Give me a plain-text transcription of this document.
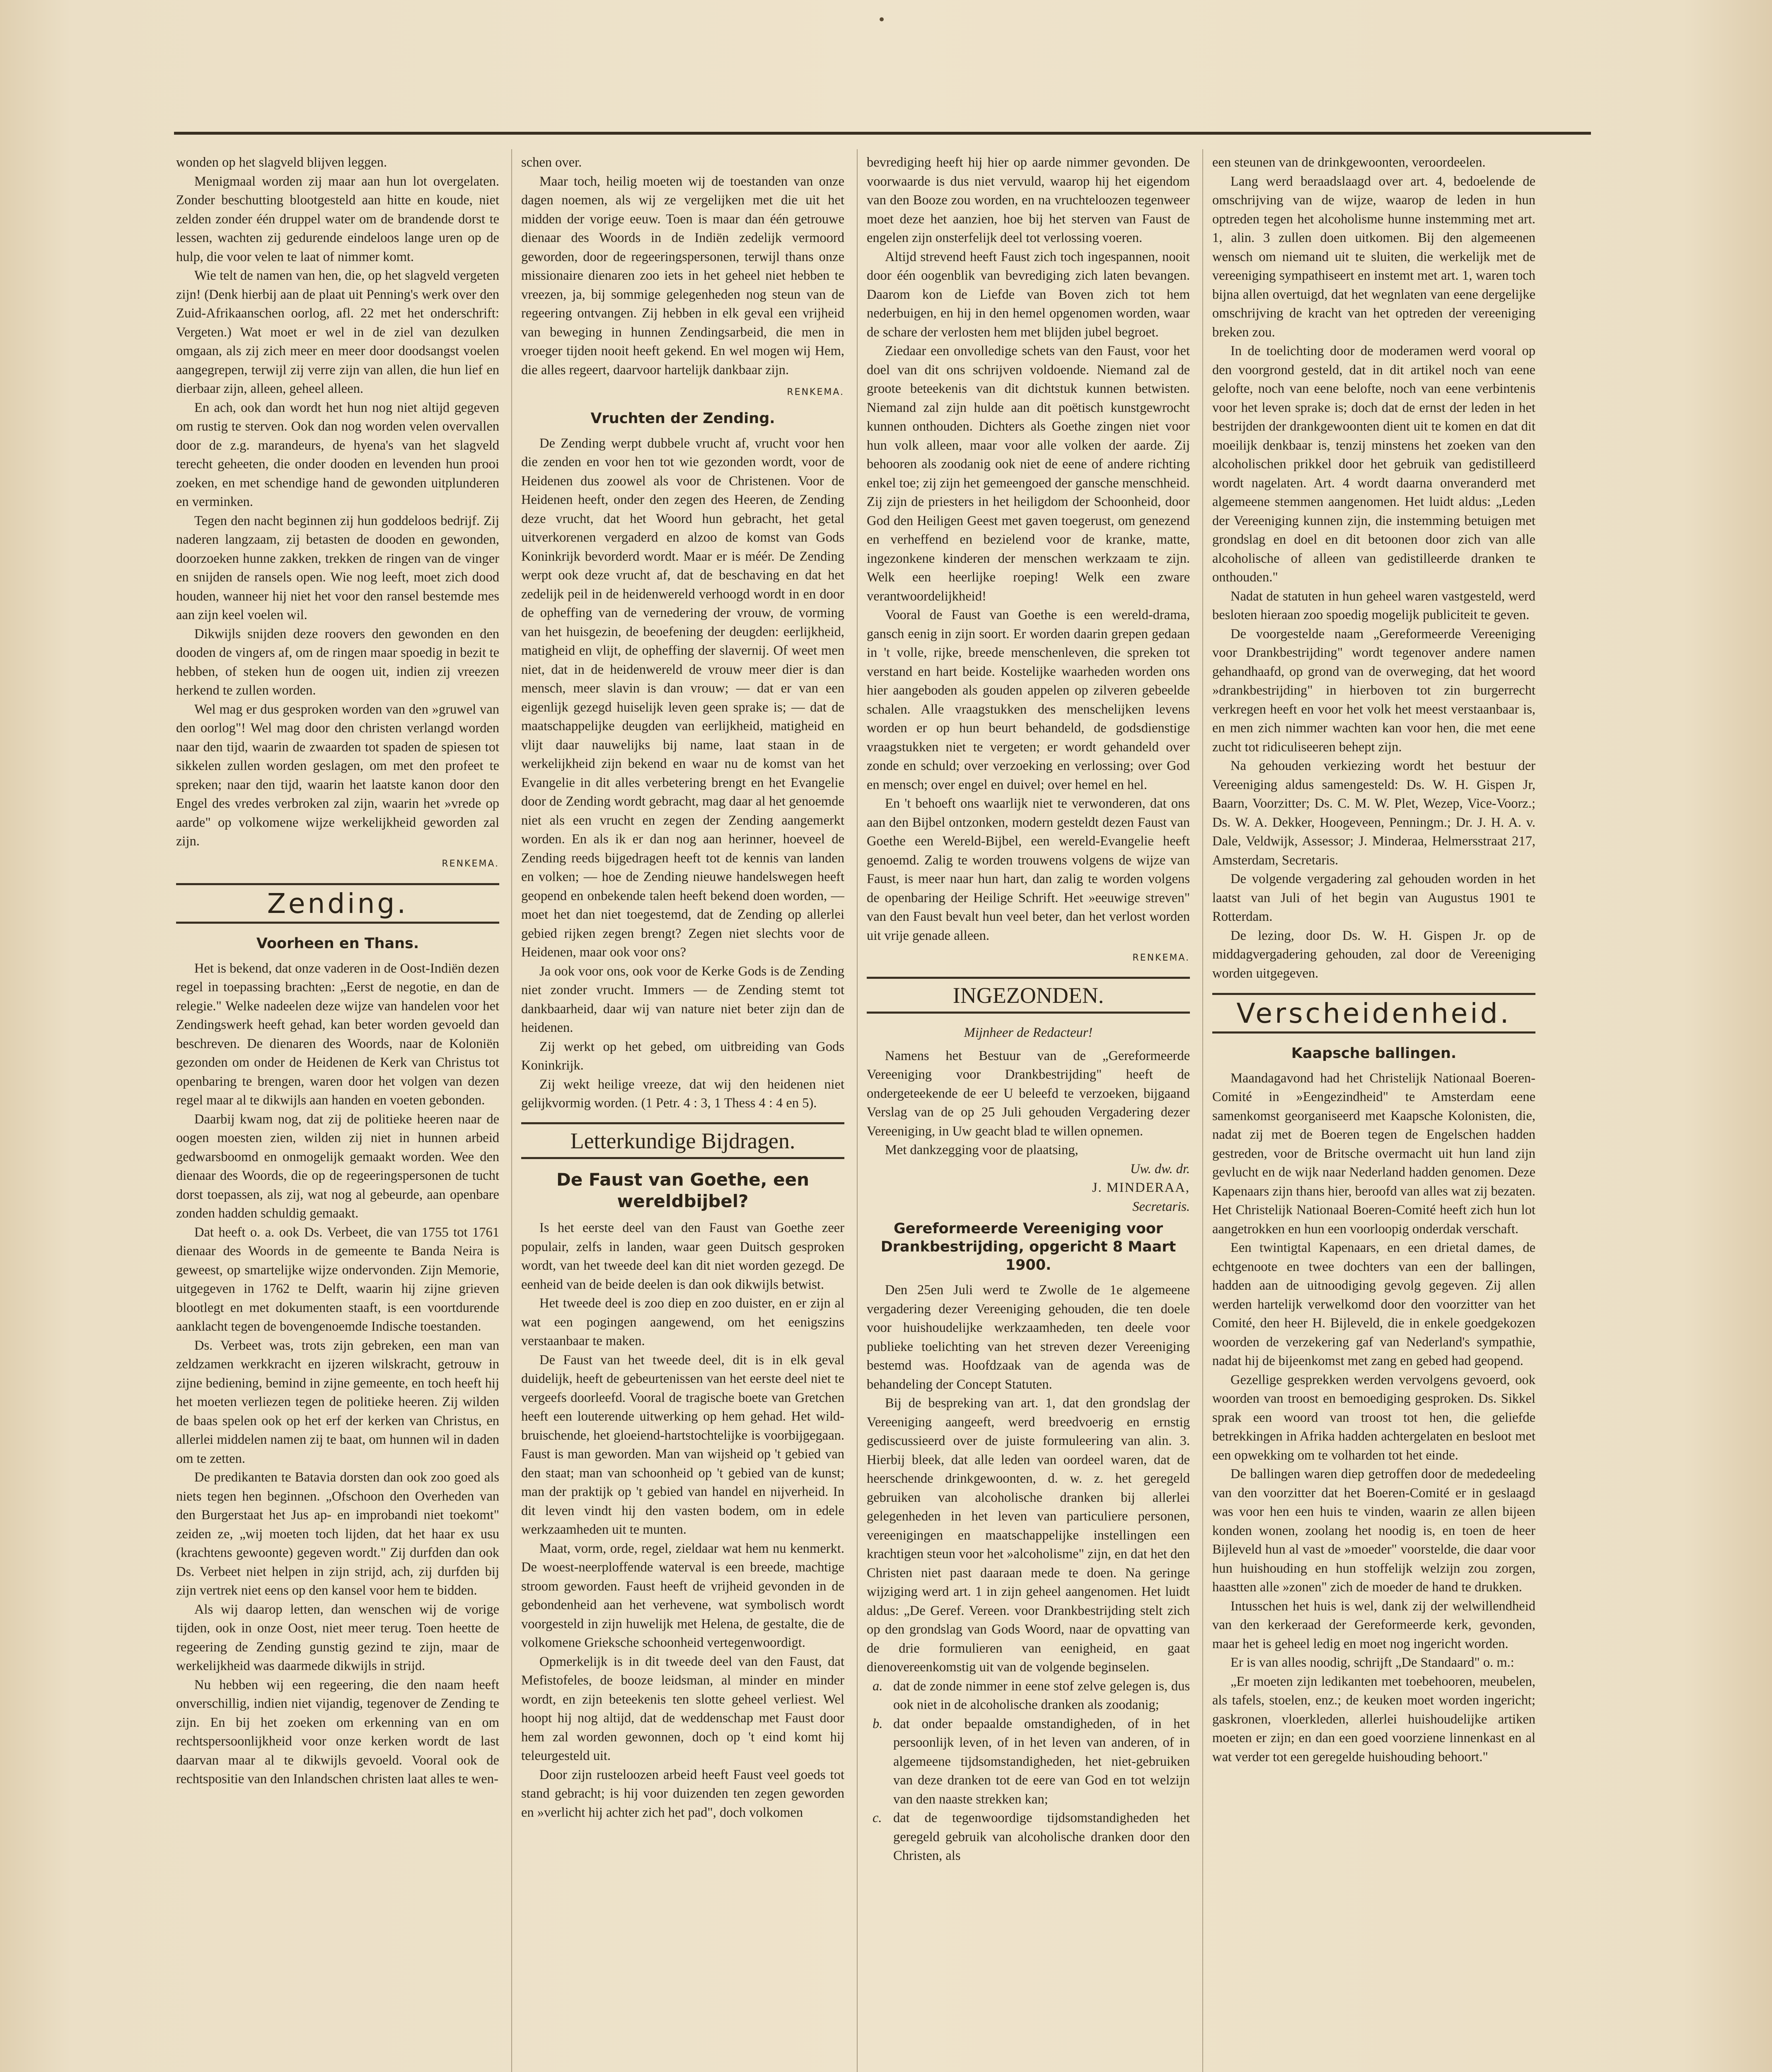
•

wonden op het slagveld blijven leggen.

Menigmaal worden zij maar aan hun lot overgelaten. Zonder beschutting blootgesteld aan hitte en koude, niet zelden zonder één druppel water om de brandende dorst te lessen, wachten zij gedurende eindeloos lange uren op de hulp, die voor velen te laat of nimmer komt.

Wie telt de namen van hen, die, op het slagveld vergeten zijn! (Denk hierbij aan de plaat uit Penning's werk over den Zuid-Afrikaanschen oorlog, afl. 22 met het onderschrift: Vergeten.) Wat moet er wel in de ziel van dezulken omgaan, als zij zich meer en meer door doodsangst voelen aangegrepen, terwijl zij verre zijn van allen, die hun lief en dierbaar zijn, alleen, geheel alleen.

En ach, ook dan wordt het hun nog niet altijd gegeven om rustig te sterven. Ook dan nog worden velen overvallen door de z.g. marandeurs, de hyena's van het slagveld terecht geheeten, die onder dooden en levenden hun prooi zoeken, en met schendige hand de gewonden uitplunderen en verminken.

Tegen den nacht beginnen zij hun goddeloos bedrijf. Zij naderen langzaam, zij betasten de dooden en gewonden, doorzoeken hunne zakken, trekken de ringen van de vinger en snijden de ransels open. Wie nog leeft, moet zich dood houden, wanneer hij niet het voor den ransel bestemde mes aan zijn keel voelen wil.

Dikwijls snijden deze roovers den gewonden en den dooden de vingers af, om de ringen maar spoedig in bezit te hebben, of steken hun de oogen uit, indien zij vreezen herkend te zullen worden.

Wel mag er dus gesproken worden van den »gruwel van den oorlog"! Wel mag door den christen verlangd worden naar den tijd, waarin de zwaarden tot spaden de spiesen tot sikkelen zullen worden geslagen, om met den profeet te spreken; naar den tijd, waarin het laatste kanon door den Engel des vredes verbroken zal zijn, waarin het »vrede op aarde" op volkomene wijze werkelijkheid geworden zal zijn.

RENKEMA.
Zending.
Voorheen en Thans.

Het is bekend, dat onze vaderen in de Oost-Indiën dezen regel in toepassing brachten: „Eerst de negotie, en dan de relegie." Welke nadeelen deze wijze van handelen voor het Zendingswerk heeft gehad, kan beter worden gevoeld dan beschreven. De dienaren des Woords, naar de Koloniën gezonden om onder de Heidenen de Kerk van Christus tot openbaring te brengen, waren door het volgen van dezen regel maar al te dikwijls aan handen en voeten gebonden.

Daarbij kwam nog, dat zij de politieke heeren naar de oogen moesten zien, wilden zij niet in hunnen arbeid gedwarsboomd en onmogelijk gemaakt worden. Wee den dienaar des Woords, die op de regeeringspersonen de tucht dorst toepassen, als zij, wat nog al gebeurde, aan openbare zonden hadden schuldig gemaakt.

Dat heeft o. a. ook Ds. Verbeet, die van 1755 tot 1761 dienaar des Woords in de gemeente te Banda Neira is geweest, op smartelijke wijze ondervonden. Zijn Memorie, uitgegeven in 1762 te Delft, waarin hij zijne grieven blootlegt en met dokumenten staaft, is een voortdurende aanklacht tegen de bovengenoemde Indische toestanden.

Ds. Verbeet was, trots zijn gebreken, een man van zeldzamen werkkracht en ijzeren wilskracht, getrouw in zijne bediening, bemind in zijne gemeente, en toch heeft hij het moeten verliezen tegen de politieke heeren. Zij wilden de baas spelen ook op het erf der kerken van Christus, en allerlei middelen namen zij te baat, om hunnen wil in daden om te zetten.

De predikanten te Batavia dorsten dan ook zoo goed als niets tegen hen beginnen. „Ofschoon den Overheden van den Burgerstaat het Jus ap- en improbandi niet toekomt" zeiden ze, „wij moeten toch lijden, dat het haar ex usu (krachtens gewoonte) gegeven wordt." Zij durfden dan ook Ds. Verbeet niet helpen in zijn strijd, ach, zij durfden bij zijn vertrek niet eens op den kansel voor hem te bidden.

Als wij daarop letten, dan wenschen wij de vorige tijden, ook in onze Oost, niet meer terug. Toen heette de regeering de Zending gunstig gezind te zijn, maar de werkelijkheid was daarmede dikwijls in strijd.

Nu hebben wij een regeering, die den naam heeft onverschillig, indien niet vijandig, tegenover de Zending te zijn. En bij het zoeken om erkenning van en om rechtspersoonlijkheid voor onze kerken wordt de last daarvan maar al te dikwijls gevoeld. Vooral ook de rechtspositie van den Inlandschen christen laat alles te wen-

schen over.

Maar toch, heilig moeten wij de toestanden van onze dagen noemen, als wij ze vergelijken met die uit het midden der vorige eeuw. Toen is maar dan één getrouwe dienaar des Woords in de Indiën zedelijk vermoord geworden, door de regeeringspersonen, terwijl thans onze missionaire dienaren zoo iets in het geheel niet hebben te vreezen, ja, bij sommige gelegenheden nog steun van de regeering ontvangen. Zij hebben in elk geval een vrijheid van beweging in hunnen Zendingsarbeid, die men in vroeger tijden nooit heeft gekend. En wel mogen wij Hem, die alles regeert, daarvoor hartelijk dankbaar zijn.

RENKEMA.
Vruchten der Zending.

De Zending werpt dubbele vrucht af, vrucht voor hen die zenden en voor hen tot wie gezonden wordt, voor de Heidenen dus zoowel als voor de Christenen. Voor de Heidenen heeft, onder den zegen des Heeren, de Zending deze vrucht, dat het Woord hun gebracht, het getal uitverkorenen vergaderd en alzoo de komst van Gods Koninkrijk bevorderd wordt. Maar er is méér. De Zending werpt ook deze vrucht af, dat de beschaving en dat het zedelijk peil in de heidenwereld verhoogd wordt in en door de opheffing van de vernedering der vrouw, de vorming van het huisgezin, de beoefening der deugden: eerlijkheid, matigheid en vlijt, de opheffing der slavernij. Of weet men niet, dat in de heidenwereld de vrouw meer dier is dan mensch, meer slavin is dan vrouw; — dat er van een eigenlijk gezegd huiselijk leven geen sprake is; — dat de maatschappelijke deugden van eerlijkheid, matigheid en vlijt daar nauwelijks bij name, laat staan in de werkelijkheid zijn bekend en waar nu de komst van het Evangelie in dit alles verbetering brengt en het Evangelie door de Zending wordt gebracht, mag daar al het genoemde niet als een vrucht en zegen der Zending aangemerkt worden. En als ik er dan nog aan herinner, hoeveel de Zending reeds bijgedragen heeft tot de kennis van landen en volken; — hoe de Zending nieuwe handelswegen heeft geopend en onbekende talen heeft bekend doen worden, — moet het dan niet toegestemd, dat de Zending op allerlei gebied rijken zegen brengt? Zegen niet slechts voor de Heidenen, maar ook voor ons?

Ja ook voor ons, ook voor de Kerke Gods is de Zending niet zonder vrucht. Immers — de Zending stemt tot dankbaarheid, daar wij van nature niet beter zijn dan de heidenen.

Zij werkt op het gebed, om uitbreiding van Gods Koninkrijk.

Zij wekt heilige vreeze, dat wij den heidenen niet gelijkvormig worden. (1 Petr. 4 : 3, 1 Thess 4 : 4 en 5).

Letterkundige Bijdragen.
De Faust van Goethe, een wereldbijbel?

Is het eerste deel van den Faust van Goethe zeer populair, zelfs in landen, waar geen Duitsch gesproken wordt, van het tweede deel kan dit niet worden gezegd. De eenheid van de beide deelen is dan ook dikwijls betwist.

Het tweede deel is zoo diep en zoo duister, en er zijn al wat een pogingen aangewend, om het eenigszins verstaanbaar te maken.

De Faust van het tweede deel, dit is in elk geval duidelijk, heeft de gebeurtenissen van het eerste deel niet te vergeefs doorleefd. Vooral de tragische boete van Gretchen heeft een louterende uitwerking op hem gehad. Het wild-bruischende, het gloeiend-hartstochtelijke is voorbijgegaan. Faust is man geworden. Man van wijsheid op 't gebied van den staat; man van schoonheid op 't gebied van de kunst; man der praktijk op 't gebied van handel en nijverheid. In dit leven vindt hij den vasten bodem, om in edele werkzaamheden uit te munten.

Maat, vorm, orde, regel, zieldaar wat hem nu kenmerkt. De woest-neerploffende waterval is een breede, machtige stroom geworden. Faust heeft de vrijheid gevonden in de gebondenheid aan het verhevene, wat symbolisch wordt voorgesteld in zijn huwelijk met Helena, de gestalte, die de volkomene Grieksche schoonheid vertegenwoordigt.

Opmerkelijk is in dit tweede deel van den Faust, dat Mefistofeles, de booze leidsman, al minder en minder wordt, en zijn beteekenis ten slotte geheel verliest. Wel hoopt hij nog altijd, dat de weddenschap met Faust door hem zal worden gewonnen, doch op 't eind komt hij teleurgesteld uit.

Door zijn rusteloozen arbeid heeft Faust veel goeds tot stand gebracht; is hij voor duizenden ten zegen geworden en »verlicht hij achter zich het pad", doch volkomen

bevrediging heeft hij hier op aarde nimmer gevonden. De voorwaarde is dus niet vervuld, waarop hij het eigendom van den Booze zou worden, en na vruchteloozen tegenweer moet deze het aanzien, hoe bij het sterven van Faust de engelen zijn onsterfelijk deel tot verlossing voeren.

Altijd strevend heeft Faust zich toch ingespannen, nooit door één oogenblik van bevrediging zich laten bevangen. Daarom kon de Liefde van Boven zich tot hem nederbuigen, en hij in den hemel opgenomen worden, waar de schare der verlosten hem met blijden jubel begroet.

Ziedaar een onvolledige schets van den Faust, voor het doel van dit ons schrijven voldoende. Niemand zal de groote beteekenis van dit dichtstuk kunnen betwisten. Niemand zal zijn hulde aan dit poëtisch kunstgewrocht kunnen onthouden. Dichters als Goethe zingen niet voor hun volk alleen, maar voor alle volken der aarde. Zij behooren als zoodanig ook niet de eene of andere richting enkel toe; zij zijn het gemeengoed der gansche menschheid. Zij zijn de priesters in het heiligdom der Schoonheid, door God den Heiligen Geest met gaven toegerust, om genezend en verheffend en bezielend voor de kranke, matte, ingezonkene kinderen der menschen werkzaam te zijn. Welk een heerlijke roeping! Welk een zware verantwoordelijkheid!

Vooral de Faust van Goethe is een wereld-drama, gansch eenig in zijn soort. Er worden daarin grepen gedaan in 't volle, rijke, breede menschenleven, die spreken tot verstand en hart beide. Kostelijke waarheden worden ons hier aangeboden als gouden appelen op zilveren gebeelde schalen. Alle vraagstukken des menschelijken levens worden er op hun beurt behandeld, de godsdienstige vraagstukken niet te vergeten; er wordt gehandeld over zonde en schuld; over verzoeking en verlossing; over God en mensch; over engel en duivel; over hemel en hel.

En 't behoeft ons waarlijk niet te verwonderen, dat ons aan den Bijbel ontzonken, modern gesteldt dezen Faust van Goethe een Wereld-Bijbel, een wereld-Evangelie heeft genoemd. Zalig te worden trouwens volgens de wijze van Faust, is meer naar hun hart, dan zalig te worden volgens de openbaring der Heilige Schrift. Het »eeuwige streven" van den Faust bevalt hun veel beter, dan het verlost worden uit vrije genade alleen.

RENKEMA.
INGEZONDEN.
Mijnheer de Redacteur!

Namens het Bestuur van de „Gereformeerde Vereeniging voor Drankbestrijding" heeft de ondergeteekende de eer U beleefd te verzoeken, bijgaand Verslag van de op 25 Juli gehouden Vergadering dezer Vereeniging, in Uw geacht blad te willen opnemen.

Met dankzegging voor de plaatsing,

Uw. dw. dr.
J. MINDERAA,
Secretaris.
Gereformeerde Vereeniging voor Drankbestrijding, opgericht 8 Maart 1900.

Den 25en Juli werd te Zwolle de 1e algemeene vergadering dezer Vereeniging gehouden, die ten doele voor huishoudelijke werkzaamheden, ten deele voor publieke toelichting van het streven dezer Vereeniging bestemd was. Hoofdzaak van de agenda was de behandeling der Concept Statuten.

Bij de bespreking van art. 1, dat den grondslag der Vereeniging aangeeft, werd breedvoerig en ernstig gediscussieerd over de juiste formuleering van alin. 3. Hierbij bleek, dat alle leden van oordeel waren, dat de heerschende drinkgewoonten, d. w. z. het geregeld gebruiken van alcoholische dranken bij allerlei gelegenheden in het leven van particuliere personen, vereenigingen en maatschappelijke instellingen een krachtigen steun voor het »alcoholisme" zijn, en dat het den Christen niet past daaraan mede te doen. Na geringe wijziging werd art. 1 in zijn geheel aangenomen. Het luidt aldus: „De Geref. Vereen. voor Drankbestrijding stelt zich op den grondslag van Gods Woord, naar de opvatting van de drie formulieren van eenigheid, en gaat dienovereenkomstig uit van de volgende beginselen.

a. dat de zonde nimmer in eene stof zelve gelegen is, dus ook niet in de alcoholische dranken als zoodanig;

b. dat onder bepaalde omstandigheden, of in het persoonlijk leven, of in het leven van anderen, of in algemeene tijdsomstandigheden, het niet-gebruiken van deze dranken tot de eere van God en tot welzijn van den naaste strekken kan;

c. dat de tegenwoordige tijdsomstandigheden het geregeld gebruik van alcoholische dranken door den Christen, als

een steunen van de drinkgewoonten, veroordeelen.

Lang werd beraadslaagd over art. 4, bedoelende de omschrijving van de wijze, waarop de leden in hun optreden tegen het alcoholisme hunne instemming met art. 1, alin. 3 zullen doen uitkomen. Bij den algemeenen wensch om niemand uit te sluiten, die werkelijk met de vereeniging sympathiseert en instemt met art. 1, waren toch bijna allen overtuigd, dat het wegnlaten van eene dergelijke omschrijving de kracht van het optreden der vereeniging breken zou.

In de toelichting door de moderamen werd vooral op den voorgrond gesteld, dat in dit artikel noch van eene gelofte, noch van eene belofte, noch van eene verbintenis voor het leven sprake is; doch dat de ernst der leden in het bestrijden der drankgewoonten dient uit te komen en dat dit moeilijk denkbaar is, tenzij minstens het zoeken van den alcoholischen prikkel door het gebruik van gedistilleerd wordt nagelaten. Art. 4 wordt daarna onveranderd met algemeene stemmen aangenomen. Het luidt aldus: „Leden der Vereeniging kunnen zijn, die instemming betuigen met grondslag en doel en dit betoonen door zich van alle alcoholische of alleen van gedistilleerde dranken te onthouden."

Nadat de statuten in hun geheel waren vastgesteld, werd besloten hieraan zoo spoedig mogelijk publiciteit te geven.

De voorgestelde naam „Gereformeerde Vereeniging voor Drankbestrijding" wordt tegenover andere namen gehandhaafd, op grond van de overweging, dat het woord »drankbestrijding" in hierboven tot zin burgerrecht verkregen heeft en voor het volk het meest verstaanbaar is, en men zich nimmer wachten kan voor hen, die met eene zucht tot ridiculiseeren behept zijn.

Na gehouden verkiezing wordt het bestuur der Vereeniging aldus samengesteld: Ds. W. H. Gispen Jr, Baarn, Voorzitter; Ds. C. M. W. Plet, Wezep, Vice-Voorz.; Ds. W. A. Dekker, Hoogeveen, Penningm.; Dr. J. H. A. v. Dale, Veldwijk, Assessor; J. Minderaa, Helmersstraat 217, Amsterdam, Secretaris.

De volgende vergadering zal gehouden worden in het laatst van Juli of het begin van Augustus 1901 te Rotterdam.

De lezing, door Ds. W. H. Gispen Jr. op de middagvergadering gehouden, zal door de Vereeniging worden uitgegeven.

Verscheidenheid.
Kaapsche ballingen.

Maandagavond had het Christelijk Nationaal Boeren-Comité in »Eengezindheid" te Amsterdam eene samenkomst georganiseerd met Kaapsche Kolonisten, die, nadat zij met de Boeren tegen de Engelschen hadden gestreden, voor de Britsche overmacht uit hun land zijn gevlucht en de wijk naar Nederland hadden genomen. Deze Kapenaars zijn thans hier, beroofd van alles wat zij bezaten. Het Christelijk Nationaal Boeren-Comité heeft zich hun lot aangetrokken en hun een voorloopig onderdak verschaft.

Een twintigtal Kapenaars, en een drietal dames, de echtgenoote en twee dochters van een der ballingen, hadden aan de uitnoodiging gevolg gegeven. Zij allen werden hartelijk verwelkomd door den voorzitter van het Comité, den heer H. Bijleveld, die in enkele goedgekozen woorden de verzekering gaf van Nederland's sympathie, nadat hij de bijeenkomst met zang en gebed had geopend.

Gezellige gesprekken werden vervolgens gevoerd, ook woorden van troost en bemoediging gesproken. Ds. Sikkel sprak een woord van troost tot hen, die geliefde betrekkingen in Afrika hadden achtergelaten en besloot met een opwekking om te volharden tot het einde.

De ballingen waren diep getroffen door de mededeeling van den voorzitter dat het Boeren-Comité er in geslaagd was voor hen een huis te vinden, waarin ze allen bijeen konden wonen, zoolang het noodig is, en toen de heer Bijleveld hun al vast de »moeder" voorstelde, die daar voor hun huishouding en hun stoffelijk welzijn zou zorgen, haastten alle »zonen" zich de moeder de hand te drukken.

Intusschen het huis is wel, dank zij der welwillendheid van den kerkeraad der Gereformeerde kerk, gevonden, maar het is geheel ledig en moet nog ingericht worden.

Er is van alles noodig, schrijft „De Standaard" o. m.:

„Er moeten zijn ledikanten met toebehooren, meubelen, als tafels, stoelen, enz.; de keuken moet worden ingericht; gaskronen, vloerkleden, allerlei huishoudelijke artiken moeten er zijn; en dan een goed voorziene linnenkast en al wat verder tot een geregelde huishouding behoort."
